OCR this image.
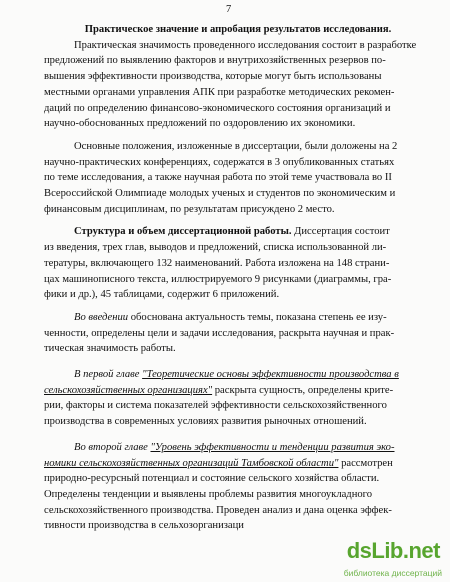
7
Практическое значение и апробация результатов исследования.
Практическая значимость проведенного исследования состоит в разработке
предложений по выявлению факторов и внутрихозяйственных резервов по-
вышения эффективности производства, которые могут быть использованы
местными органами управления АПК при разработке методических рекомен-
даций по определению финансово-экономического состояния организаций и
научно-обоснованных предложений по оздоровлению их экономики.
Основные положения, изложенные в диссертации, были доложены на 2
научно-практических конференциях, содержатся в 3 опубликованных статьях
по теме исследования, а также научная работа по этой теме участвовала во II
Всероссийской Олимпиаде молодых ученых и студентов по экономическим и
финансовым дисциплинам, по результатам присуждено 2 место.
Структура и объем диссертационной работы. Диссертация состоит
из введения, трех глав, выводов и предложений, списка использованной ли-
тературы, включающего 132 наименований. Работа изложена на 148 страни-
цах машинописного текста, иллюстрируемого 9 рисунками (диаграммы, гра-
фики и др.), 45 таблицами, содержит 6 приложений.
Во введении обоснована актуальность темы, показана степень ее изу-
ченности, определены цели и задачи исследования, раскрыта научная и прак-
тическая значимость работы.
В первой главе "Теоретические основы эффективности производства в
сельскохозяйственных организациях" раскрыта сущность, определены крите-
рии, факторы и система показателей эффективности сельскохозяйственного
производства в современных условиях развития рыночных отношений.
Во второй главе "Уровень эффективности и тенденции развития эко-
номики сельскохозяйственных организаций Тамбовской области" рассмотрен
природно-ресурсный потенциал и состояние сельского хозяйства области.
Определены тенденции и выявлены проблемы развития многоукладного
сельскохозяйственного производства. Проведен анализ и дана оценка эффек-
тивности производства в сельхозорганизаци
dsLib.net
библиотека диссертаций
